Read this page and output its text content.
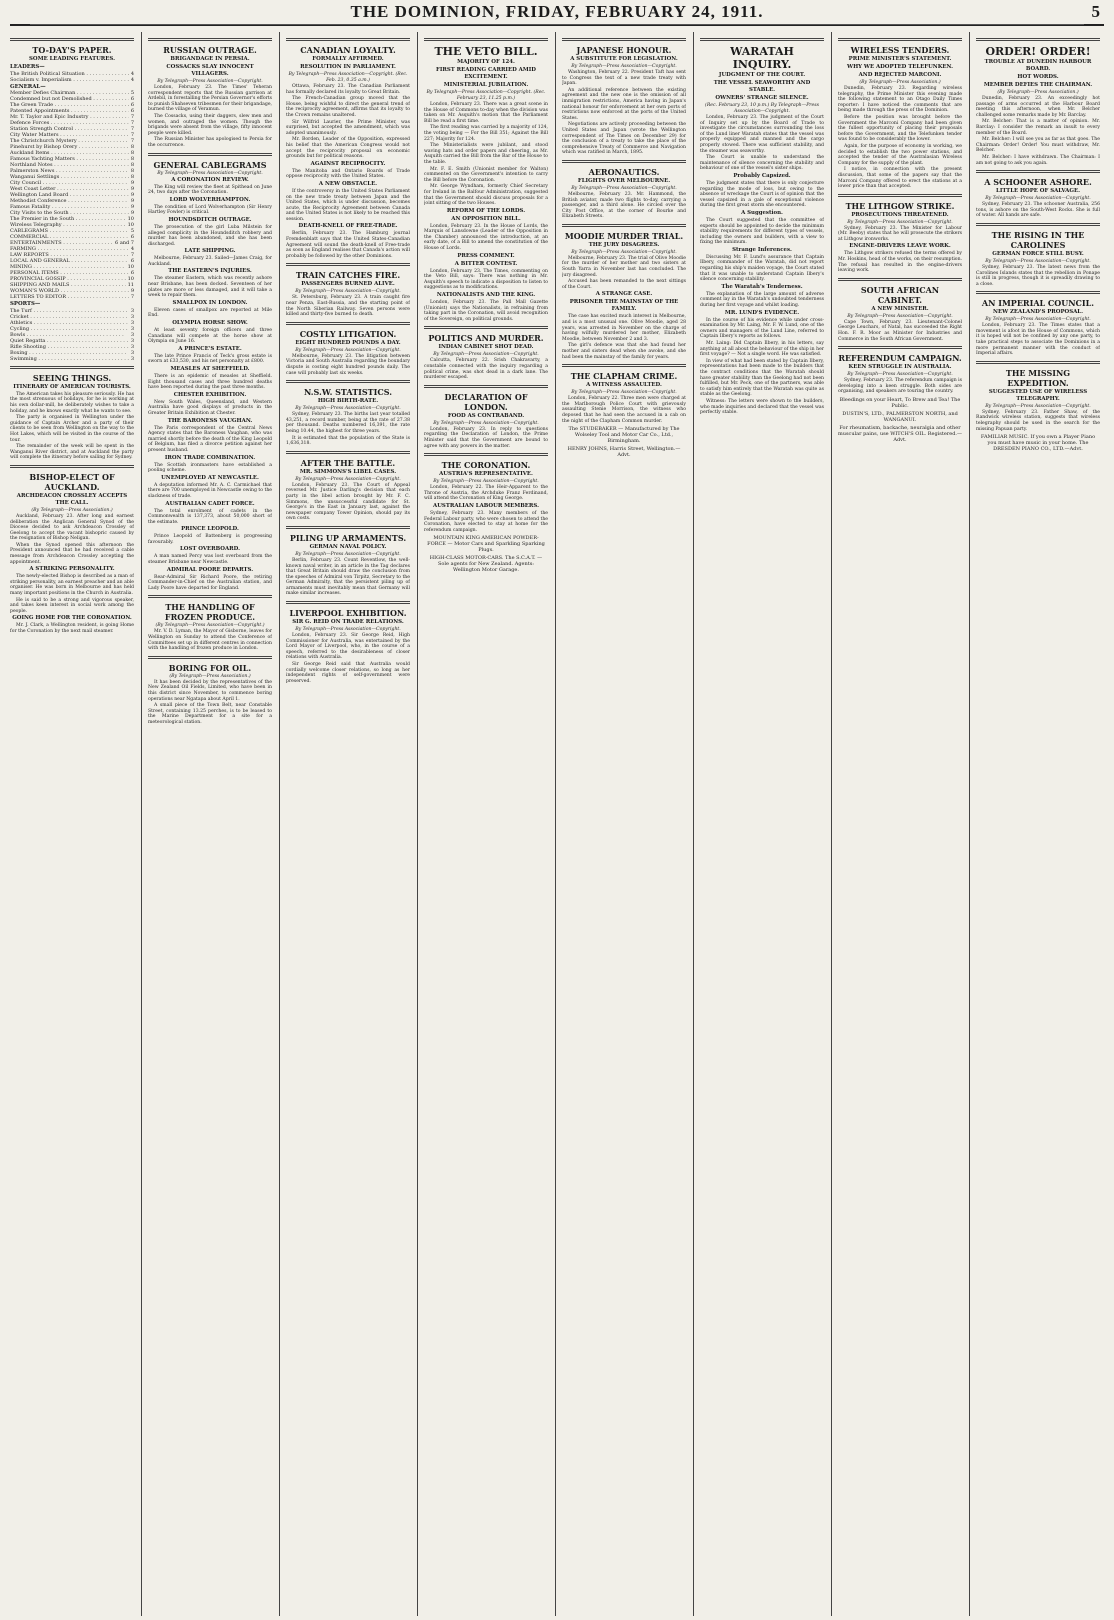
THE DOMINION, FRIDAY, FEBRUARY 24, 1911.	5
TO-DAY'S PAPER.
SOME LEADING FEATURES.
LEADERS—
The British Political Situation . . .	4
Socialism v. Imperialism . . .	4
GENERAL—
Member Defies Chairman . . .	5
Condemned but not Demolished . . .	6
The Green Trade . . .	6
Patented Appointments . . .	6
Mr. T. Taylor and Epic Industry . . .	7
Defence Forces . . .	7
Station Strength Control . . .	7
City Water Matters . . .	7
The Christchurch Mystery . . .	7
Pinehurst by Bishop Orery . . .	8
Auckland Items . . .	8
Famous Yachting Matters . . .	8
Northland Notes . . .	8
Palmerston News . . .	8
Wanganui Settlings . . .	8
City Council . . .	9
West Coast Letter . . .	9
Wellington Land Board . . .	9
Methodist Conference . . .	9
Famous Fatality . . .	9
City Visits to the South . . .	9
The Premier in the South . . .	10
Wireless Telegraphy . . .	10
CABLEGRAMS . . .	5
COMMERCIAL . . .	6
ENTERTAINMENTS . . .	6 and 7
FARMING . . .	4
LAW REPORTS . . .	7
LOCAL AND GENERAL . . .	6
MINING . . .	10
PERSONAL ITEMS . . .	6
PROVINCIAL GOSSIP . . .	10
SHIPPING AND MAILS . . .	11
WOMAN'S WORLD . . .	9
LETTERS TO EDITOR . . .	7
SPORTS—
The Turf . . .	3
Cricket . . .	3
Athletics . . .	3
Cycling . . .	3
Bowls . . .	3
Quiet Regatta . . .	3
Rifle Shooting . . .	3
Boxing . . .	3
Swimming . . .	3
SEEING THINGS.
ITINERARY OF AMERICAN TOURISTS.

The American takes his pleasure seriously. He has the most strenuous of holidays, for he is working at his own dollar-mill, he deliberately wishes to take a holiday, and he knows exactly what he wants to see.

The party is organised in Wellington under the guidance of Captain Archer and a party of their clients to be seen from Wellington on the way to the Hot Lakes, which will be visited in the course of the tour.

The remainder of the week will be spent in the Wanganui River district, and at Auckland the party will complete the itinerary before sailing for Sydney.

BISHOP-ELECT OF AUCKLAND.
ARCHDEACON CROSSLEY ACCEPTS THE CALL.
(By Telegraph—Press Association.)

Auckland, February 23. After long and earnest deliberation the Anglican General Synod of the Diocese decided to ask Archdeacon Crossley of Geelong to accept the vacant bishopric caused by the resignation of Bishop Neligan.

When the Synod opened this afternoon the President announced that he had received a cable message from Archdeacon Crossley accepting the appointment.

A STRIKING PERSONALITY.

The newly-elected Bishop is described as a man of striking personality, an earnest preacher and an able organiser. He was born in Melbourne and has held many important positions in the Church in Australia.

He is said to be a strong and vigorous speaker, and takes keen interest in social work among the people.

GOING HOME FOR THE CORONATION.

Mr. J. Clark, a Wellington resident, is going Home for the Coronation by the next mail steamer.

RUSSIAN OUTRAGE.
BRIGANDAGE IN PERSIA.
COSSACKS SLAY INNOCENT VILLAGERS.
By Telegraph—Press Association—Copyright.

London, February 23. The Times' Teheran correspondent reports that the Russian garrison at Ardebil, in forestalling the Persian Governor's efforts to punish Shahseven tribesmen for their brigandage, burned the village of Veramun.

The Cossacks, using their daggers, slew men and women, and outraged the women. Though the brigands were absent from the village, fifty innocent people were killed.

The Russian Minister has apologised to Persia for the occurrence.

GENERAL CABLEGRAMS
By Telegraph—Press Association—Copyright.
A CORONATION REVIEW.

The King will review the fleet at Spithead on June 24, two days after the Coronation.

LORD WOLVERHAMPTON.

The condition of Lord Wolverhampton (Sir Henry Hartley Fowler) is critical.

HOUNDSDITCH OUTRAGE.

The prosecution of the girl Luba Milstein for alleged complicity in the Houndsditch robbery and murder has been abandoned, and she has been discharged.

LATE SHIPPING.

Melbourne, February 23. Sailed—James Craig, for Auckland.

THE EASTERN'S INJURIES.

The steamer Eastern, which was recently ashore near Brisbane, has been docked. Seventeen of her plates are more or less damaged, and it will take a week to repair them.

SMALLPOX IN LONDON.

Eleven cases of smallpox are reported at Mile End.

OLYMPIA HORSE SHOW.

At least seventy foreign officers and three Canadians will compete at the horse show at Olympia on June 16.

A PRINCE'S ESTATE.

The late Prince Francis of Teck's gross estate is sworn at £33,530, and his net personalty at £800.

MEASLES AT SHEFFIELD.

There is an epidemic of measles at Sheffield. Eight thousand cases and three hundred deaths have been reported during the past three months.

CHESTER EXHIBITION.

New South Wales, Queensland, and Western Australia have good displays of products in the Greater Britain Exhibition at Chester.

THE BARONESS VAUGHAN.

The Paris correspondent of the Central News Agency states that the Baroness Vaughan, who was married shortly before the death of the King Leopold of Belgium, has filed a divorce petition against her present husband.

IRON TRADE COMBINATION.

The Scottish ironmasters have established a pooling scheme.

UNEMPLOYED AT NEWCASTLE.

A deputation informed Mr. A. C. Carmichael that there are 700 unemployed in Newcastle owing to the slackness of trade.

AUSTRALIAN CADET FORCE.

The total enrolment of cadets in the Commonwealth is 137,373, about 50,000 short of the estimate.

PRINCE LEOPOLD.

Prince Leopold of Battenberg is progressing favourably.

LOST OVERBOARD.

A man named Percy was lost overboard from the steamer Brisbane near Newcastle.

ADMIRAL POORE DEPARTS.

Rear-Admiral Sir Richard Poore, the retiring Commander-in-Chief on the Australian station, and Lady Poore have departed for England.

THE HANDLING OF FROZEN PRODUCE.
(By Telegraph—Press Association—Copyright.)

Mr. V. D. Lyman, the Mayor of Gisborne, leaves for Wellington on Sunday to attend the Conference of Committees set up in different centres in connection with the handling of frozen produce in London.

BORING FOR OIL.
(By Telegraph—Press Association.)

It has been decided by the representatives of the New Zealand Oil Fields, Limited, who have been in this district since November, to commence boring operations near Ngatapa about April 1.

A small piece of the Town Belt, near Constable Street, containing 13.25 perches, is to be leased to the Marine Department for a site for a meteorological station.

CANADIAN LOYALTY.
FORMALLY AFFIRMED.
RESOLUTION IN PARLIAMENT.
By Telegraph—Press Association—Copyright. (Rec. Feb. 23, 0.35 a.m.)

Ottawa, February 23. The Canadian Parliament has formally declared its loyalty to Great Britain.

The French-Canadian group moved that the House, being wishful to direct the general trend of the reciprocity agreement, affirms that its loyalty to the Crown remains unaltered.

Sir Wilfrid Laurier, the Prime Minister, was surprised, but accepted the amendment, which was adopted unanimously.

Mr. Borden, Leader of the Opposition, expressed his belief that the American Congress would not accept the reciprocity proposal on economic grounds but for political reasons.

AGAINST RECIPROCITY.

The Manitoba and Ontario Boards of Trade oppose reciprocity with the United States.

A NEW OBSTACLE.

If the controversy in the United States Parliament on the new trade treaty between Japan and the United States, which is under discussion, becomes acute, the Reciprocity Agreement between Canada and the United States is not likely to be reached this session.

DEATH-KNELL OF FREE-TRADE.

Berlin, February 23. The Hamburg journal Fremdenblatt says that the United States-Canadian Agreement will sound the death-knell of Free-trade as soon as England realises that Canada's action will probably be followed by the other Dominions.

TRAIN CATCHES FIRE.
PASSENGERS BURNED ALIVE.
By Telegraph—Press Association—Copyright.

St. Petersburg, February 23. A train caught fire near Penza, East-Russia, and the starting point of the North Siberian Railway. Seven persons were killed and thirty-five burned to death.

COSTLY LITIGATION.
EIGHT HUNDRED POUNDS A DAY.
By Telegraph—Press Association—Copyright.

Melbourne, February 23. The litigation between Victoria and South Australia regarding the boundary dispute is costing eight hundred pounds daily. The case will probably last six weeks.

N.S.W. STATISTICS.
HIGH BIRTH-RATE.
By Telegraph—Press Association—Copyright.

Sydney, February 23. The births last year totalled 43,251, a record number, being at the rate of 27.38 per thousand. Deaths numbered 16,391, the rate being 10.44, the highest for three years.

It is estimated that the population of the State is 1,636,318.

AFTER THE BATTLE.
MR. SIMMONS'S LIBEL CASES.
By Telegraph—Press Association—Copyright.

London, February 23. The Court of Appeal reversed Mr. Justice Darling's decision that each party in the libel action brought by Mr. F. C. Simmons, the unsuccessful candidate for St. George's in the East in January last, against the newspaper company Tower Opinion, should pay its own costs.

PILING UP ARMAMENTS.
GERMAN NAVAL POLICY.
By Telegraph—Press Association—Copyright.

Berlin, February 23. Count Reventlow, the well-known naval writer, in an article in the Tag declares that Great Britain should draw the conclusion from the speeches of Admiral von Tirpitz, Secretary to the German Admiralty, that the persistent piling up of armaments must inevitably mean that Germany will make similar increases.

LIVERPOOL EXHIBITION.
SIR G. REID ON TRADE RELATIONS.
By Telegraph—Press Association—Copyright.

London, February 23. Sir George Reid, High Commissioner for Australia, was entertained by the Lord Mayor of Liverpool, who, in the course of a speech, referred to the desirableness of closer relations with Australia.

Sir George Reid said that Australia would cordially welcome closer relations, so long as her independent rights of self-government were preserved.

THE VETO BILL.
MAJORITY OF 124.
FIRST READING CARRIED AMID EXCITEMENT.
MINISTERIAL JUBILATION.
By Telegraph—Press Association—Copyright. (Rec. February 23, 11.25 p.m.)

London, February 23. There was a great scene in the House of Commons to-day when the division was taken on Mr. Asquith's motion that the Parliament Bill be read a first time.

The first reading was carried by a majority of 124, the voting being — For the Bill 351; Against the Bill 227; Majority for 124.

The Ministerialists were jubilant, and stood waving hats and order papers and cheering, as Mr. Asquith carried the Bill from the Bar of the House to the table.

Mr. F. E. Smith (Unionist member for Walton) commented on the Government's intention to carry the Bill before the Coronation.

Mr. George Wyndham, formerly Chief Secretary for Ireland in the Balfour Administration, suggested that the Government should discuss proposals for a joint sitting of the two Houses.

REFORM OF THE LORDS.
AN OPPOSITION BILL.

London, February 23. In the House of Lords, the Marquis of Lansdowne (Leader of the Opposition in the Chamber) announced the introduction, at an early date, of a Bill to amend the constitution of the House of Lords.

PRESS COMMENT.
A BITTER CONTEST.

London, February 23. The Times, commenting on the Veto Bill, says: There was nothing in Mr. Asquith's speech to indicate a disposition to listen to suggestions as to modifications.

NATIONALISTS AND THE KING.

London, February 23. The Pall Mall Gazette (Unionist) says the Nationalists, in refraining from taking part in the Coronation, will avoid recognition of the Sovereign, on political grounds.

POLITICS AND MURDER.
INDIAN CABINET SHOT DEAD.
By Telegraph—Press Association—Copyright.

Calcutta, February 22. Srish Chakravarty, a constable connected with the inquiry regarding a political crime, was shot dead in a dark lane. The murderer escaped.

DECLARATION OF LONDON.
FOOD AS CONTRABAND.
By Telegraph—Press Association—Copyright.

London, February 23. In reply to questions regarding the Declaration of London, the Prime Minister said that the Government are bound to agree with any powers in the matter.

THE CORONATION.
AUSTRIA'S REPRESENTATIVE.
By Telegraph—Press Association—Copyright.

London, February 22. The Heir-Apparent to the Throne of Austria, the Archduke Franz Ferdinand, will attend the Coronation of King George.

AUSTRALIAN LABOUR MEMBERS.

Sydney, February 23. Many members of the Federal Labour party, who were chosen to attend the Coronation, have elected to stay at home for the referendum campaign.

MOUNTAIN KING AMERICAN POWDER-FORCE — Motor Cars and Sparkling Sparking Plugs.
HIGH-CLASS MOTOR-CARS. The S.C.A.T. — Sole agents for New Zealand. Agents: Wellington Motor Garage.
JAPANESE HONOUR.
A SUBSTITUTE FOR LEGISLATION.
By Telegraph—Press Association—Copyright.

Washington, February 22. President Taft has sent to Congress the text of a new trade treaty with Japan.

An additional reference between the existing agreement and the new one is the omission of all immigration restrictions, America having in Japan's national honour for enforcement at her own ports of restrictions now enforced at the ports of the United States.

Negotiations are actively proceeding between the United States and Japan (wrote the Wellington correspondent of The Times on December 29) for the conclusion of a treaty to take the place of the comprehensive Treaty of Commerce and Navigation which was ratified in March, 1895.

AERONAUTICS.
FLIGHTS OVER MELBOURNE.
By Telegraph—Press Association—Copyright.

Melbourne, February 23. Mr. Hammond, the British aviator, made two flights to-day, carrying a passenger, and a third alone. He circled over the City Post Office, at the corner of Bourke and Elizabeth Streets.

MOODIE MURDER TRIAL.
THE JURY DISAGREES.
By Telegraph—Press Association—Copyright.

Melbourne, February 23. The trial of Olive Moodie for the murder of her mother and two sisters at South Yarra in November last has concluded. The jury disagreed.

Accused has been remanded to the next sittings of the Court.

A STRANGE CASE.
PRISONER THE MAINSTAY OF THE FAMILY.

The case has excited much interest in Melbourne, and is a most unusual one. Olive Moodie, aged 28 years, was arrested in November on the charge of having wilfully murdered her mother, Elizabeth Moodie, between November 2 and 3.

The girl's defence was that she had found her mother and sisters dead when she awoke, and she had been the mainstay of the family for years.

THE CLAPHAM CRIME.
A WITNESS ASSAULTED.
By Telegraph—Press Association—Copyright.

London, February 22. Three men were charged at the Marlborough Police Court with grievously assaulting Stenie Morrison, the witness who deposed that he had seen the accused in a cab on the night of the Clapham Common murder.

The STUDEBAKER — Manufactured by The Wolseley Tool and Motor Car Co., Ltd., Birmingham.
HENRY JOHNS, Harris Street, Wellington.—Advt.
WARATAH INQUIRY.
JUDGMENT OF THE COURT.
THE VESSEL SEAWORTHY AND STABLE.
OWNERS' STRANGE SILENCE.
(Rec. February 23, 10 p.m.) By Telegraph—Press Association—Copyright.

London, February 23. The judgment of the Court of Inquiry set up by the Board of Trade to investigate the circumstances surrounding the loss of the Lund liner Waratah states that the vessel was properly equipped and manned and the cargo properly stowed. There was sufficient stability, and the steamer was seaworthy.

The Court is unable to understand the maintenance of silence concerning the stability and behaviour of one of the vessel's sister ships.

Probably Capsized.

The judgment states that there is only conjecture regarding the mode of loss, but owing to the absence of wreckage the Court is of opinion that the vessel capsized in a gale of exceptional violence during the first great storm she encountered.

A Suggestion.

The Court suggested that the committee of experts should be appointed to decide the minimum stability requirements for different types of vessels, including the owners and builders, with a view to fixing the minimum.

Strange Inferences.

Discussing Mr. F. Lund's assurance that Captain Ilbery, commander of the Waratah, did not report regarding his ship's maiden voyage, the Court stated that it was unable to understand Captain Ilbery's silence concerning stability.

The Waratah's Tenderness.

The explanation of the large amount of adverse comment lay in the Waratah's undoubted tenderness during her first voyage and whilst loading.

MR. LUND'S EVIDENCE.

In the course of his evidence while under cross-examination by Mr. Laing, Mr. F. W. Lund, one of the owners and managers of the Lund Line, referred to Captain Ilbery's reports as follows.

Mr. Laing: Did Captain Ilbery, in his letters, say anything at all about the behaviour of the ship in her first voyage? — Not a single word. He was satisfied.

In view of what had been stated by Captain Ilbery, representations had been made to the builders that the contract conditions that the Waratah should have greater stability than the Geelong had not been fulfilled, but Mr. Peck, one of the partners, was able to satisfy him entirely that the Waratah was quite as stable as the Geelong.

Witness: The letters were shown to the builders, who made inquiries and declared that the vessel was perfectly stable.

WIRELESS TENDERS.
PRIME MINISTER'S STATEMENT.
WHY WE ADOPTED TELEFUNKEN.
AND REJECTED MARCONI.
(By Telegraph—Press Association.)

Dunedin, February 23. Regarding wireless telegraphy, the Prime Minister this evening made the following statement to an Otago Daily Times reporter: I have noticed the comments that are being made through the press of the Dominion.

Before the position was brought before the Government the Marconi Company had been given the fullest opportunity of placing their proposals before the Government, and the Telefunken tender was found to be considerably the lower.

Again, for the purpose of economy in working, we decided to establish the two power stations, and accepted the tender of the Australasian Wireless Company for the supply of the plant.

I notice, in connection with the present discussion, that some of the papers say that the Marconi Company offered to erect the stations at a lower price than that accepted.

THE LITHGOW STRIKE.
PROSECUTIONS THREATENED.
By Telegraph—Press Association—Copyright.

Sydney, February 23. The Minister for Labour (Mr. Beeby) states that he will prosecute the strikers at Lithgow ironworks.

ENGINE-DRIVERS LEAVE WORK.

The Lithgow strikers refused the terms offered by Mr. Hoskins, head of the works, on their resumption. The refusal has resulted in the engine-drivers leaving work.

SOUTH AFRICAN CABINET.
A NEW MINISTER.
By Telegraph—Press Association—Copyright.

Cape Town, February 23. Lieutenant-Colonel George Leuchars, of Natal, has succeeded the Right Hon. F. R. Moor as Minister for Industries and Commerce in the South African Government.

REFERENDUM CAMPAIGN.
KEEN STRUGGLE IN AUSTRALIA.
By Telegraph—Press Association—Copyright.

Sydney, February 23. The referendum campaign is developing into a keen struggle. Both sides are organising, and speakers are touring the country.

Bleedings on your Heart, To Brew and Tea! The Public.
DUSTIN'S, LTD., PALMERSTON NORTH, and WANGANUI.
For rheumatism, backache, neuralgia and other muscular pains, use WITCH'S OIL. Registered.—Advt.
ORDER! ORDER!
TROUBLE AT DUNEDIN HARBOUR BOARD.
HOT WORDS.
MEMBER DEFIES THE CHAIRMAN.
(By Telegraph—Press Association.)

Dunedin, February 23. An exceedingly hot passage of arms occurred at the Harbour Board meeting this afternoon, when Mr. Belcher challenged some remarks made by Mr. Barclay.

Mr. Belcher: That is a matter of opinion. Mr. Barclay: I consider the remark an insult to every member of the Board.

Mr. Belcher: I will see you as far as that goes. The Chairman: Order! Order! You must withdraw, Mr. Belcher.

Mr. Belcher: I have withdrawn. The Chairman: I am not going to ask you again.

A SCHOONER ASHORE.
LITTLE HOPE OF SALVAGE.
By Telegraph—Press Association—Copyright.

Sydney, February 23. The schooner Australia, 256 tons, is ashore on the South-West Rocks. She is full of water. All hands are safe.

THE RISING IN THE CAROLINES
GERMAN FORCE STILL BUSY.
By Telegraph—Press Association—Copyright.

Sydney, February 23. The latest news from the Carolines Islands states that the rebellion in Ponape is still in progress, though it is spreadily drawing to a close.

AN IMPERIAL COUNCIL.
NEW ZEALAND'S PROPOSAL.
By Telegraph—Press Association—Copyright.

London, February 23. The Times states that a movement is afoot in the House of Commons, which it is hoped will not be confined by any one party, to take practical steps to associate the Dominions in a more permanent manner with the conduct of Imperial affairs.

THE MISSING EXPEDITION.
SUGGESTED USE OF WIRELESS TELEGRAPHY.
By Telegraph—Press Association—Copyright.

Sydney, February 23. Father Shaw, of the Randwick wireless station, suggests that wireless telegraphy should be used in the search for the missing Papuan party.

FAMILIAR MUSIC. If you own a Player Piano you must have music in your home. The DRESDEN PIANO CO., LTD.—Advt.
